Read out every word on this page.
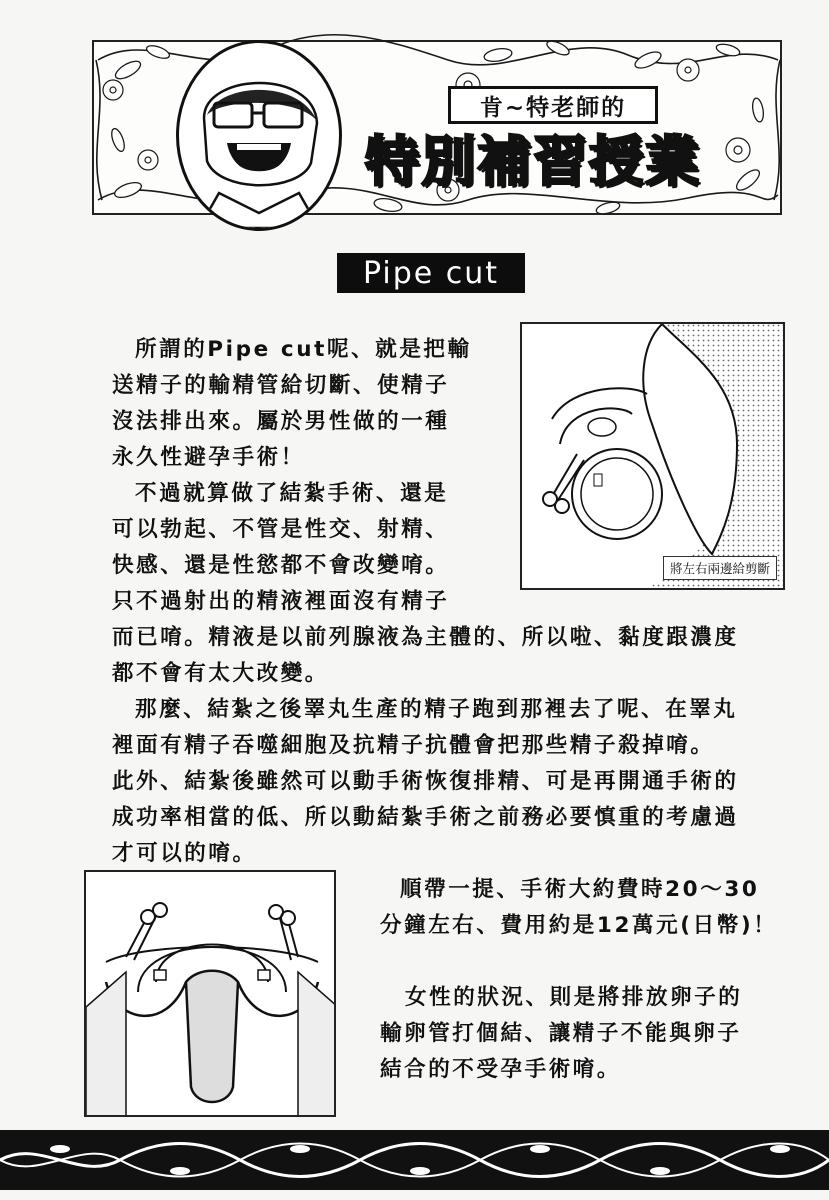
肯~特老師的
特別補習授業
Pipe cut
將左右兩邊給剪斷
所謂的Pipe cut呢、就是把輸
送精子的輸精管給切斷、使精子
沒法排出來。屬於男性做的一種
永久性避孕手術！
不過就算做了結紮手術、還是
可以勃起、不管是性交、射精、
快感、還是性慾都不會改變唷。
只不過射出的精液裡面沒有精子
而已唷。精液是以前列腺液為主體的、所以啦、黏度跟濃度
都不會有太大改變。
那麼、結紮之後睪丸生產的精子跑到那裡去了呢、在睪丸
裡面有精子吞噬細胞及抗精子抗體會把那些精子殺掉唷。
此外、結紮後雖然可以動手術恢復排精、可是再開通手術的
成功率相當的低、所以動結紮手術之前務必要慎重的考慮過
才可以的唷。
順帶一提、手術大約費時20〜30
分鐘左右、費用約是12萬元(日幣)！
女性的狀況、則是將排放卵子的
輸卵管打個結、讓精子不能與卵子
結合的不受孕手術唷。
